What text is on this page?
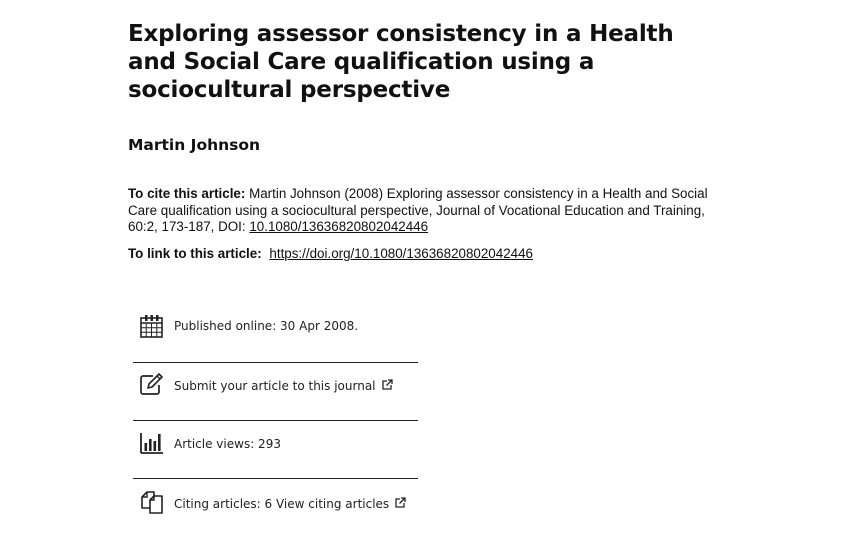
Exploring assessor consistency in a Health and Social Care qualification using a sociocultural perspective
Martin Johnson
To cite this article: Martin Johnson (2008) Exploring assessor consistency in a Health and Social Care qualification using a sociocultural perspective, Journal of Vocational Education and Training, 60:2, 173-187, DOI: 10.1080/13636820802042446
To link to this article: https://doi.org/10.1080/13636820802042446
Published online: 30 Apr 2008.
Submit your article to this journal
Article views: 293
Citing articles: 6 View citing articles
